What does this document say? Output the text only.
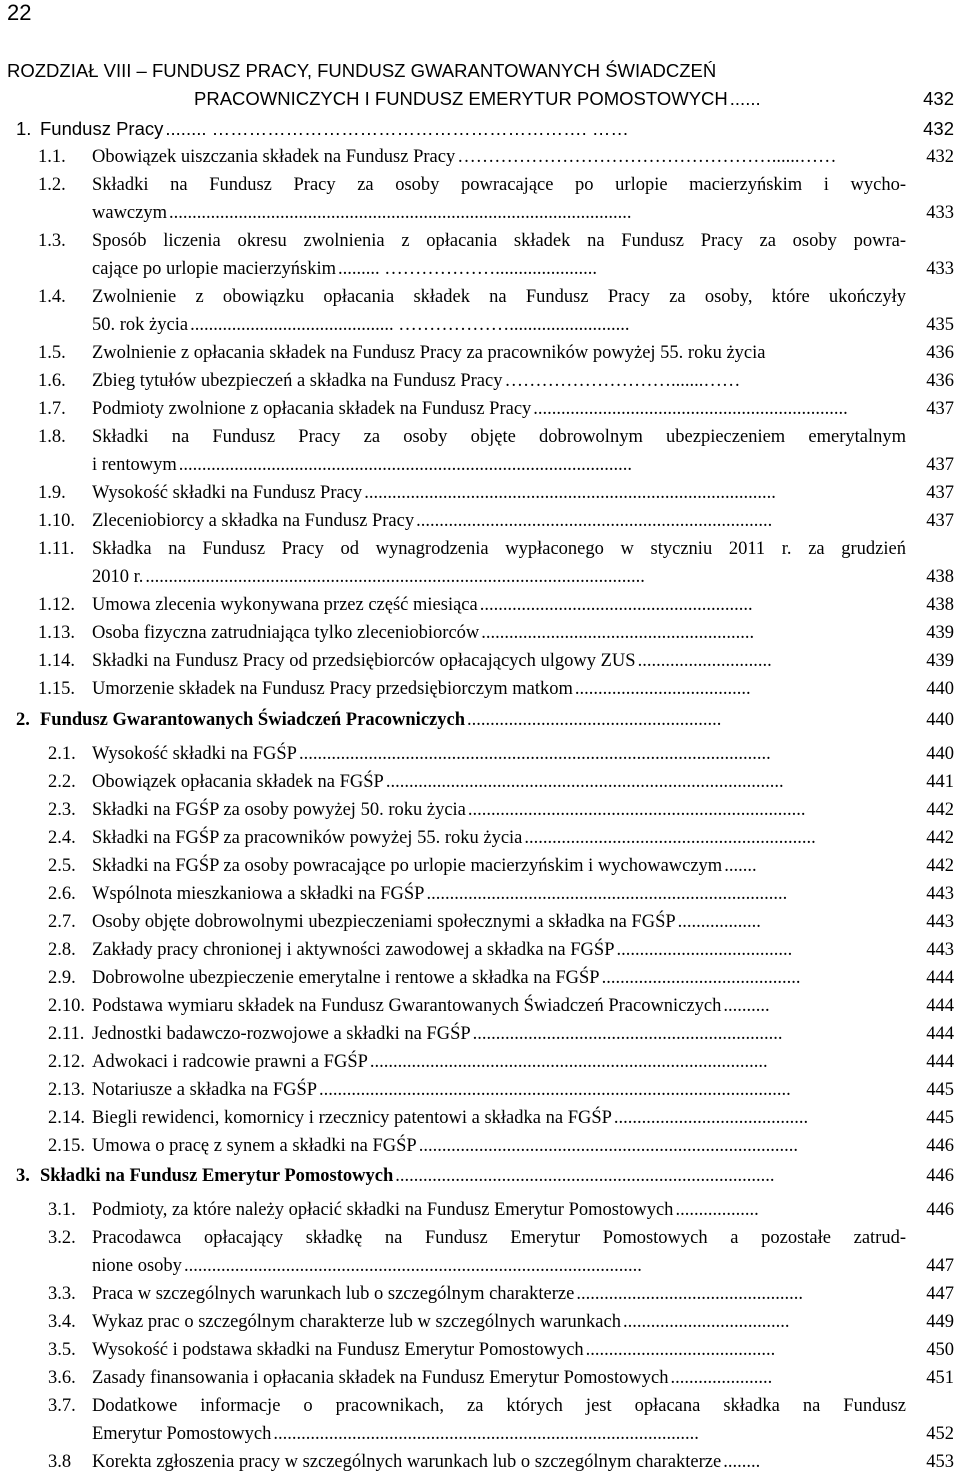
22
ROZDZIAŁ VIII – FUNDUSZ PRACY, FUNDUSZ GWARANTOWANYCH ŚWIADCZEŃ
PRACOWNICZYCH I FUNDUSZ EMERYTUR POMOSTOWYCH ......	432
1. Fundusz Pracy ........ ……………………………………………………. ……	432
1.1.	Obowiązek uiszczania składek na Fundusz Pracy ……………………………………………......……	432
1.2.	Składki na Fundusz Pracy za osoby powracające po urlopie macierzyńskim i wycho-
wawczym ....................................................................................................	433
1.3.	Sposób liczenia okresu zwolnienia z opłacania składek na Fundusz Pracy za osoby powra-
cające po urlopie macierzyńskim ......... ………………......................	433
1.4.	Zwolnienie z obowiązku opłacania składek na Fundusz Pracy za osoby, które ukończyły
50. rok życia ............................................ ………………..........................	435
1.5.	Zwolnienie z opłacania składek na Fundusz Pracy za pracowników powyżej 55. roku życia	436
1.6.	Zbieg tytułów ubezpieczeń a składka na Fundusz Pracy ……………………….......……	436
1.7.	Podmioty zwolnione z opłacania składek na Fundusz Pracy ....................................................................	437
1.8.	Składki na Fundusz Pracy za osoby objęte dobrowolnym ubezpieczeniem emerytalnym
i rentowym ..................................................................................................	437
1.9.	Wysokość składki na Fundusz Pracy .........................................................................................	437
1.10. Zleceniobiorcy a składka na Fundusz Pracy .............................................................................	437
1.11. Składka na Fundusz Pracy od wynagrodzenia wypłaconego w styczniu 2011 r. za grudzień
2010 r. ............................................................................................................	438
1.12. Umowa zlecenia wykonywana przez część miesiąca ...........................................................	438
1.13. Osoba fizyczna zatrudniająca tylko zleceniobiorców ...........................................................	439
1.14. Składki na Fundusz Pracy od przedsiębiorców opłacających ulgowy ZUS .............................	439
1.15. Umorzenie składek na Fundusz Pracy przedsiębiorczym matkom ......................................	440
2. Fundusz Gwarantowanych Świadczeń Pracowniczych .......................................................	440
2.1. Wysokość składki na FGŚP ......................................................................................................	440
2.2. Obowiązek opłacania składek na FGŚP ......................................................................................	441
2.3. Składki na FGŚP za osoby powyżej 50. roku życia .........................................................................	442
2.4. Składki na FGŚP za pracowników powyżej 55. roku życia ...............................................................	442
2.5. Składki na FGŚP za osoby powracające po urlopie macierzyńskim i wychowawczym .......	442
2.6. Wspólnota mieszkaniowa a składki na FGŚP ..............................................................................	443
2.7. Osoby objęte dobrowolnymi ubezpieczeniami społecznymi a składka na FGŚP ..................	443
2.8. Zakłady pracy chronionej i aktywności zawodowej a składka na FGŚP ......................................	443
2.9. Dobrowolne ubezpieczenie emerytalne i rentowe a składka na FGŚP ...........................................	444
2.10. Podstawa wymiaru składek na Fundusz Gwarantowanych Świadczeń Pracowniczych ..........	444
2.11. Jednostki badawczo-rozwojowe a składki na FGŚP ...................................................................	444
2.12. Adwokaci i radcowie prawni a FGŚP ......................................................................................	444
2.13. Notariusze a składka na FGŚP ......................................................................................................	445
2.14. Biegli rewidenci, komornicy i rzecznicy patentowi a składka na FGŚP ..........................................	445
2.15. Umowa o pracę z synem a składki na FGŚP ..................................................................................	446
3. Składki na Fundusz Emerytur Pomostowych ..................................................................................	446
3.1. Podmioty, za które należy opłacić składki na Fundusz Emerytur Pomostowych ..................	446
3.2. Pracodawca opłacający składkę na Fundusz Emerytur Pomostowych a pozostałe zatrud-
nione osoby ...................................................................................................	447
3.3. Praca w szczególnych warunkach lub o szczególnym charakterze .................................................	447
3.4. Wykaz prac o szczególnym charakterze lub w szczególnych warunkach ....................................	449
3.5. Wysokość i podstawa składki na Fundusz Emerytur Pomostowych .........................................	450
3.6. Zasady finansowania i opłacania składek na Fundusz Emerytur Pomostowych ......................	451
3.7. Dodatkowe informacje o pracownikach, za których jest opłacana składka na Fundusz
Emerytur Pomostowych ............................................................................................	452
3.8	Korekta zgłoszenia pracy w szczególnych warunkach lub o szczególnym charakterze ........	453
